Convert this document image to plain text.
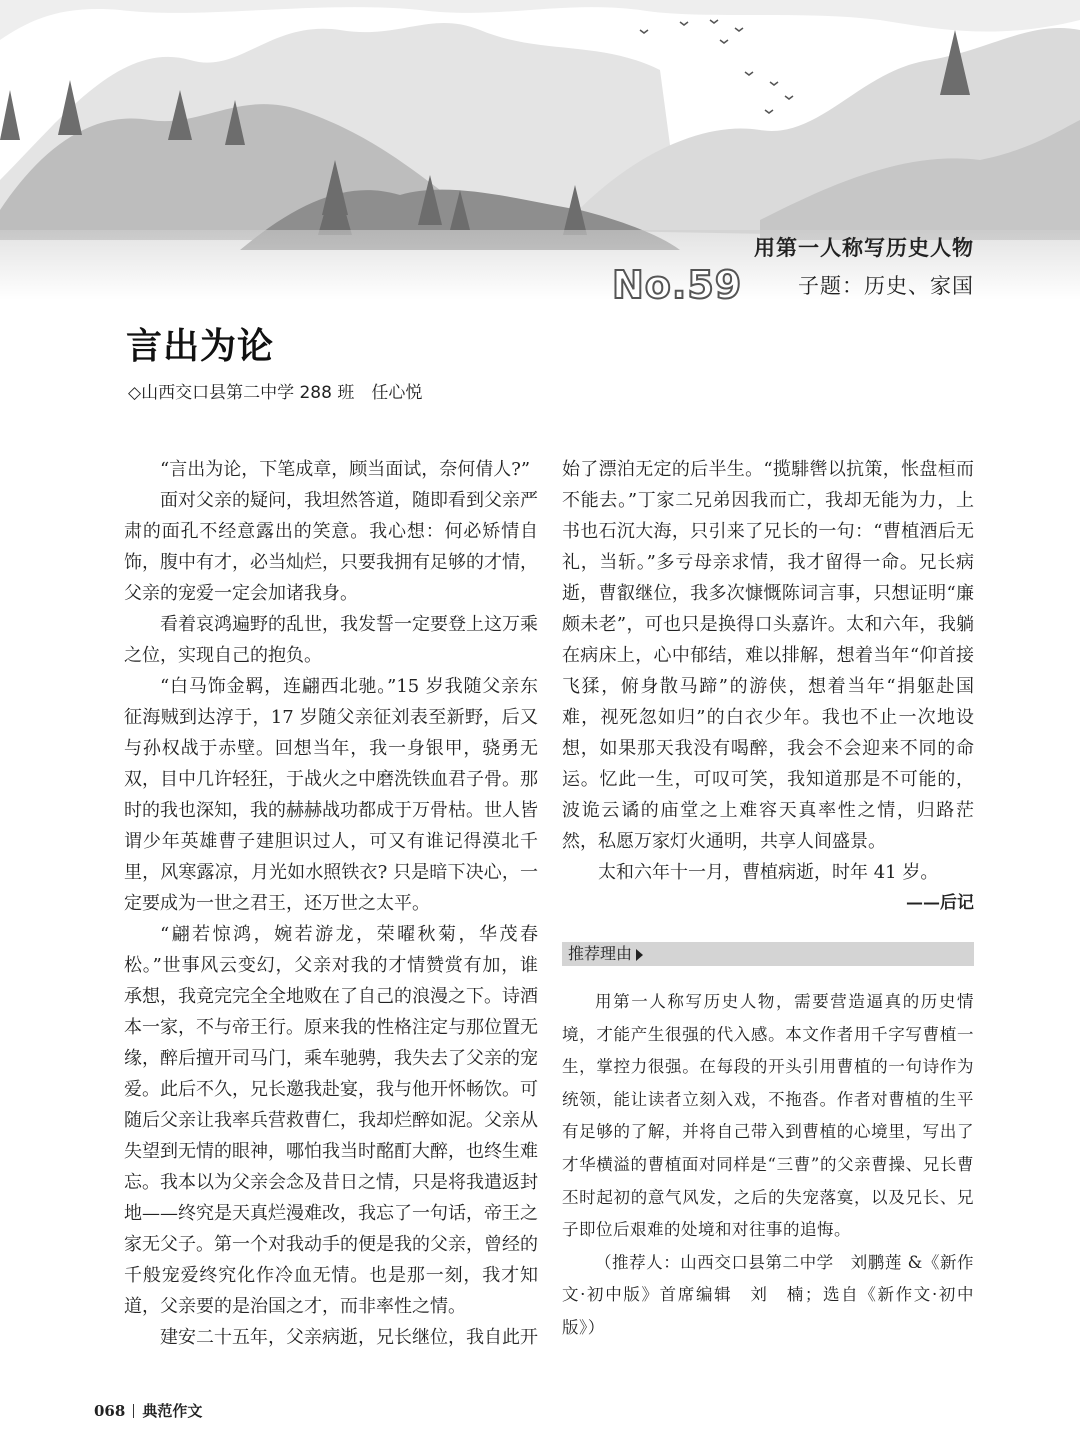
用第一人称写历史人物
子题：历史、家国
No.59
言出为论
◇山西交口县第二中学 288 班　任心悦

“言出为论，下笔成章，顾当面试，奈何倩人?”

面对父亲的疑问，我坦然答道，随即看到父亲严肃的面孔不经意露出的笑意。我心想：何必矫情自饰，腹中有才，必当灿烂，只要我拥有足够的才情，父亲的宠爱一定会加诸我身。

看着哀鸿遍野的乱世，我发誓一定要登上这万乘之位，实现自己的抱负。

“白马饰金羁，连翩西北驰。”15 岁我随父亲东征海贼到达淳于，17 岁随父亲征刘表至新野，后又与孙权战于赤壁。回想当年，我一身银甲，骁勇无双，目中几许轻狂，于战火之中磨洗铁血君子骨。那时的我也深知，我的赫赫战功都成于万骨枯。世人皆谓少年英雄曹子建胆识过人，可又有谁记得漠北千里，风寒露凉，月光如水照铁衣? 只是暗下决心，一定要成为一世之君王，还万世之太平。

“翩若惊鸿，婉若游龙，荣曜秋菊，华茂春松。”世事风云变幻，父亲对我的才情赞赏有加，谁承想，我竟完完全全地败在了自己的浪漫之下。诗酒本一家，不与帝王行。原来我的性格注定与那位置无缘，醉后擅开司马门，乘车驰骋，我失去了父亲的宠爱。此后不久，兄长邀我赴宴，我与他开怀畅饮。可随后父亲让我率兵营救曹仁，我却烂醉如泥。父亲从失望到无情的眼神，哪怕我当时酩酊大醉，也终生难忘。我本以为父亲会念及昔日之情，只是将我遣返封地——终究是天真烂漫难改，我忘了一句话，帝王之家无父子。第一个对我动手的便是我的父亲，曾经的千般宠爱终究化作冷血无情。也是那一刻，我才知道，父亲要的是治国之才，而非率性之情。

建安二十五年，父亲病逝，兄长继位，我自此开

始了漂泊无定的后半生。“揽騑辔以抗策，怅盘桓而不能去。”丁家二兄弟因我而亡，我却无能为力，上书也石沉大海，只引来了兄长的一句：“曹植酒后无礼，当斩。”多亏母亲求情，我才留得一命。兄长病逝，曹叡继位，我多次慷慨陈词言事，只想证明“廉颇未老”，可也只是换得口头嘉许。太和六年，我躺在病床上，心中郁结，难以排解，想着当年“仰首接飞猱，俯身散马蹄”的游侠，想着当年“捐躯赴国难，视死忽如归”的白衣少年。我也不止一次地设想，如果那天我没有喝醉，我会不会迎来不同的命运。忆此一生，可叹可笑，我知道那是不可能的，波诡云谲的庙堂之上难容天真率性之情，归路茫然，私愿万家灯火通明，共享人间盛景。

太和六年十一月，曹植病逝，时年 41 岁。

——后记

推荐理由

用第一人称写历史人物，需要营造逼真的历史情境，才能产生很强的代入感。本文作者用千字写曹植一生，掌控力很强。在每段的开头引用曹植的一句诗作为统领，能让读者立刻入戏，不拖沓。作者对曹植的生平有足够的了解，并将自己带入到曹植的心境里，写出了才华横溢的曹植面对同样是“三曹”的父亲曹操、兄长曹丕时起初的意气风发，之后的失宠落寞，以及兄长、兄子即位后艰难的处境和对往事的追悔。

（推荐人：山西交口县第二中学　刘鹏莲 &《新作文·初中版》首席编辑　刘　楠；选自《新作文·初中版》）

068 典范作文
